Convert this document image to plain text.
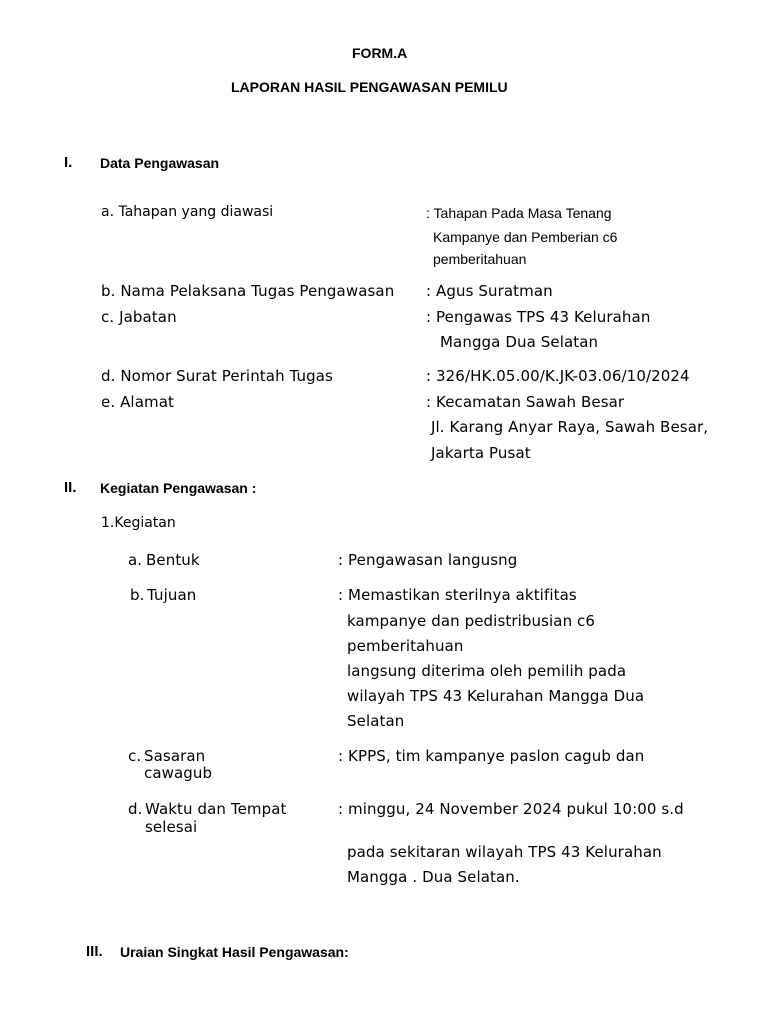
FORM.A
LAPORAN HASIL PENGAWASAN PEMILU
I. Data Pengawasan
a. Tahapan yang diawasi	: Tahapan Pada Masa Tenang
Kampanye dan Pemberian c6
pemberitahuan
b. Nama Pelaksana Tugas Pengawasan : Agus Suratman
c. Jabatan	: Pengawas TPS 43 Kelurahan
Mangga Dua Selatan
d. Nomor Surat Perintah Tugas	: 326/HK.05.00/K.JK-03.06/10/2024
e. Alamat	: Kecamatan Sawah Besar
Jl. Karang Anyar Raya, Sawah Besar,
Jakarta Pusat
II. Kegiatan Pengawasan :
1.Kegiatan
a. Bentuk	: Pengawasan langusng
b. Tujuan	: Memastikan sterilnya aktifitas
kampanye dan pedistribusian c6
pemberitahuan
langsung diterima oleh pemilih pada
wilayah TPS 43 Kelurahan Mangga Dua
Selatan
c. Sasaran
cawagub
: KPPS, tim kampanye paslon cagub dan
d. Waktu dan Tempat
selesai
: minggu, 24 November 2024 pukul 10:00 s.d
pada sekitaran wilayah TPS 43 Kelurahan
Mangga . Dua Selatan.
III. Uraian Singkat Hasil Pengawasan:
